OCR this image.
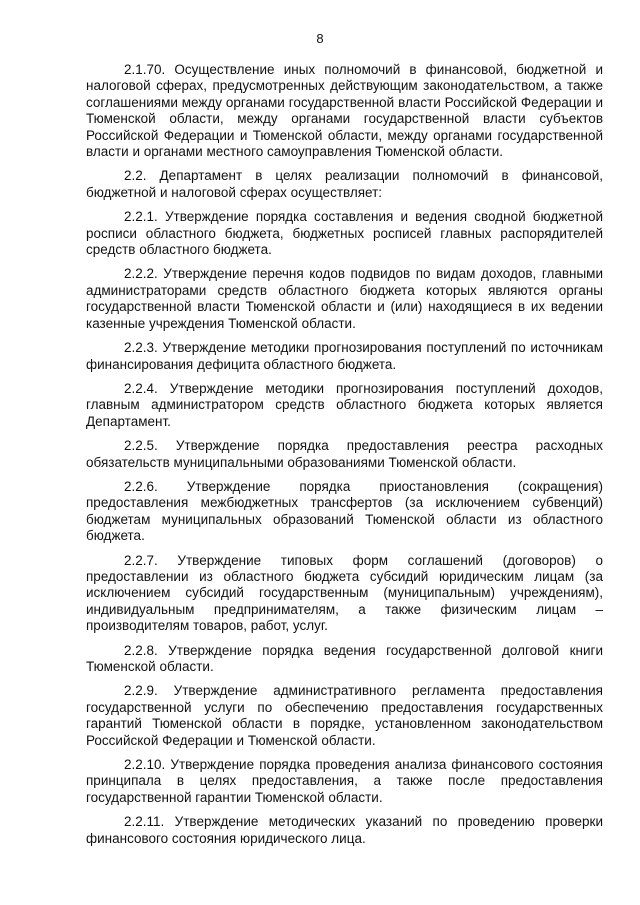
8

2.1.70. Осуществление иных полномочий в финансовой, бюджетной и налоговой сферах, предусмотренных действующим законодательством, а также соглашениями между органами государственной власти Российской Федерации и Тюменской области, между органами государственной власти субъектов Российской Федерации и Тюменской области, между органами государственной власти и органами местного самоуправления Тюменской области.

2.2. Департамент в целях реализации полномочий в финансовой, бюджетной и налоговой сферах осуществляет:

2.2.1. Утверждение порядка составления и ведения сводной бюджетной росписи областного бюджета, бюджетных росписей главных распорядителей средств областного бюджета.

2.2.2. Утверждение перечня кодов подвидов по видам доходов, главными администраторами средств областного бюджета которых являются органы государственной власти Тюменской области и (или) находящиеся в их ведении казенные учреждения Тюменской области.

2.2.3. Утверждение методики прогнозирования поступлений по источникам финансирования дефицита областного бюджета.

2.2.4. Утверждение методики прогнозирования поступлений доходов, главным администратором средств областного бюджета которых является Департамент.

2.2.5. Утверждение порядка предоставления реестра расходных обязательств муниципальными образованиями Тюменской области.

2.2.6. Утверждение порядка приостановления (сокращения) предоставления межбюджетных трансфертов (за исключением субвенций) бюджетам муниципальных образований Тюменской области из областного бюджета.

2.2.7. Утверждение типовых форм соглашений (договоров) о предоставлении из областного бюджета субсидий юридическим лицам (за исключением субсидий государственным (муниципальным) учреждениям), индивидуальным предпринимателям, а также физическим лицам – производителям товаров, работ, услуг.

2.2.8. Утверждение порядка ведения государственной долговой книги Тюменской области.

2.2.9. Утверждение административного регламента предоставления государственной услуги по обеспечению предоставления государственных гарантий Тюменской области в порядке, установленном законодательством Российской Федерации и Тюменской области.

2.2.10. Утверждение порядка проведения анализа финансового состояния принципала в целях предоставления, а также после предоставления государственной гарантии Тюменской области.

2.2.11. Утверждение методических указаний по проведению проверки финансового состояния юридического лица.
